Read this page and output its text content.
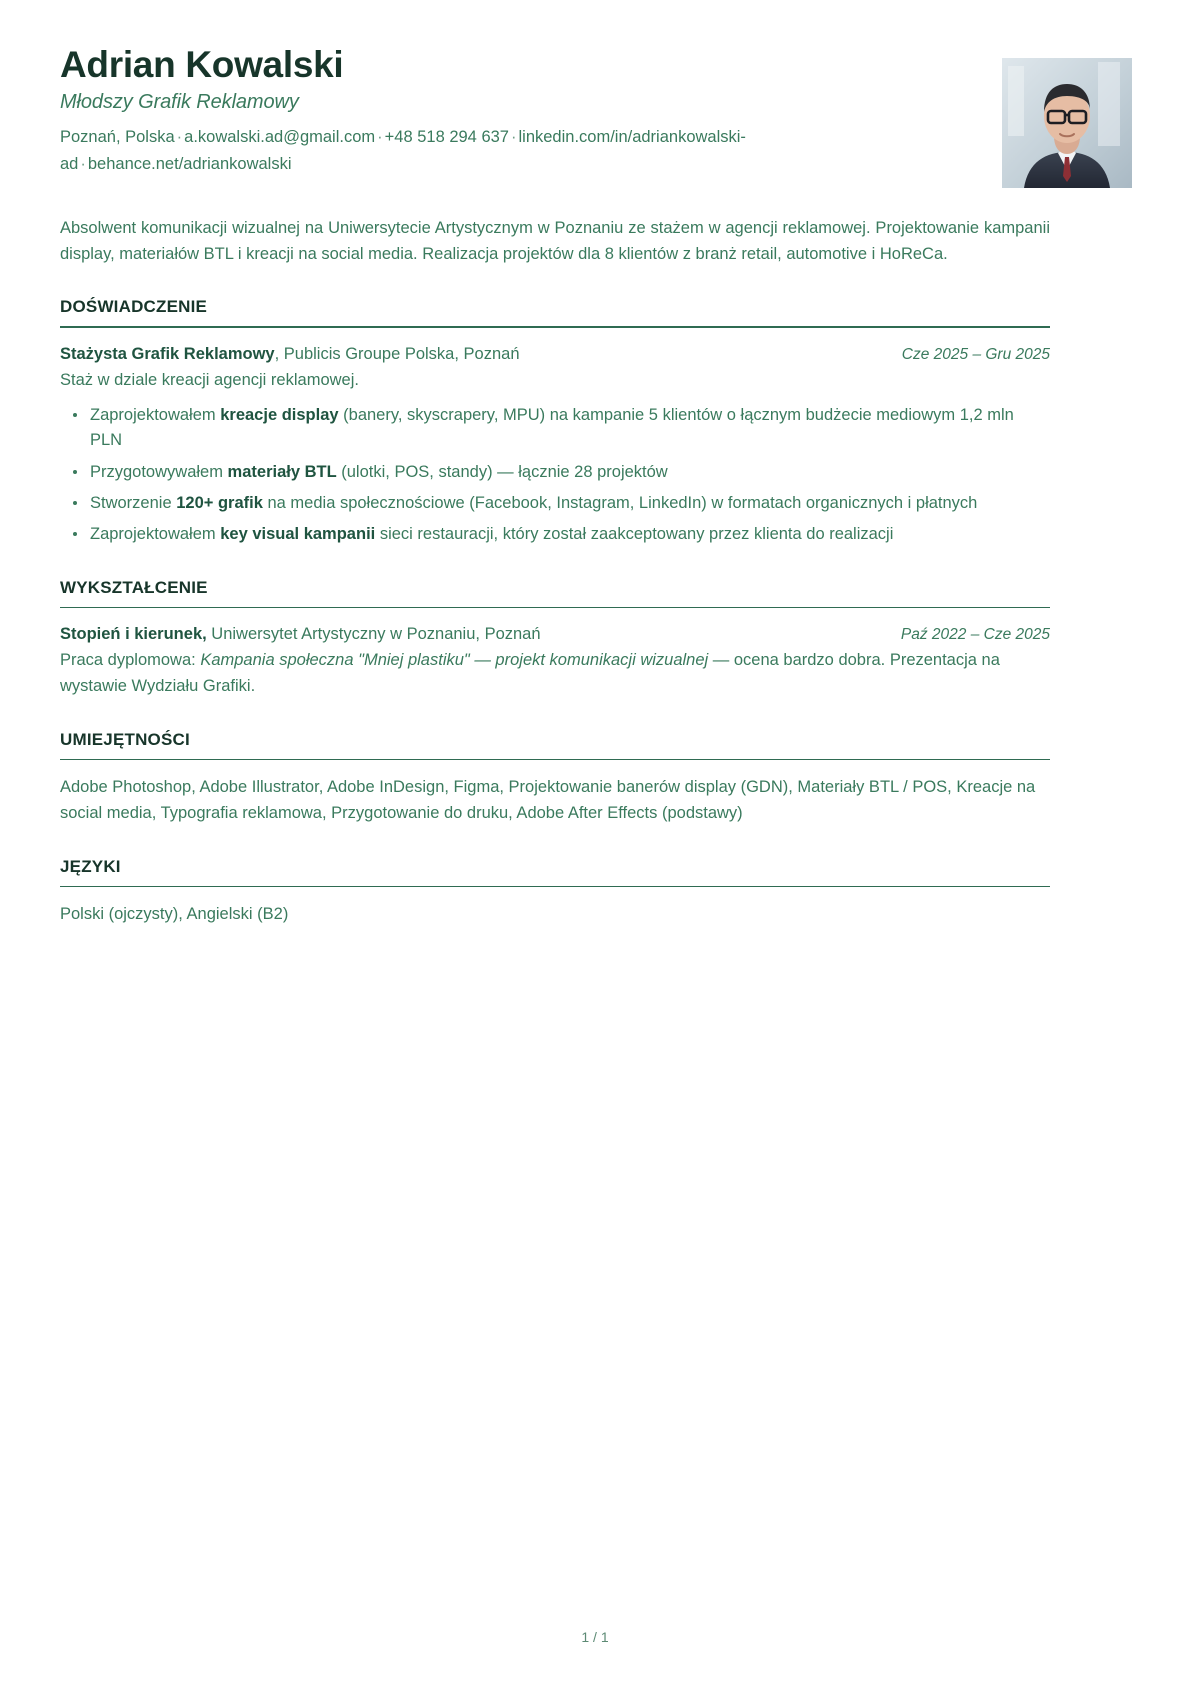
Adrian Kowalski
Młodszy Grafik Reklamowy
Poznań, Polska · a.kowalski.ad@gmail.com · +48 518 294 637 · linkedin.com/in/adriankowalski-ad · behance.net/adriankowalski

Absolwent komunikacji wizualnej na Uniwersytecie Artystycznym w Poznaniu ze stażem w agencji reklamowej. Projektowanie kampanii display, materiałów BTL i kreacji na social media. Realizacja projektów dla 8 klientów z branż retail, automotive i HoReCa.

DOŚWIADCZENIE
Stażysta Grafik Reklamowy, Publicis Groupe Polska, Poznań	Cze 2025 – Gru 2025
Staż w dziale kreacji agencji reklamowej.
Zaprojektowałem kreacje display (banery, skyscrapery, MPU) na kampanie 5 klientów o łącznym budżecie mediowym 1,2 mln PLN
Przygotowywałem materiały BTL (ulotki, POS, standy) — łącznie 28 projektów
Stworzenie 120+ grafik na media społecznościowe (Facebook, Instagram, LinkedIn) w formatach organicznych i płatnych
Zaprojektowałem key visual kampanii sieci restauracji, który został zaakceptowany przez klienta do realizacji
WYKSZTAŁCENIE
Stopień i kierunek, Uniwersytet Artystyczny w Poznaniu, Poznań	Paź 2022 – Cze 2025

Praca dyplomowa: Kampania społeczna "Mniej plastiku" — projekt komunikacji wizualnej — ocena bardzo dobra. Prezentacja na wystawie Wydziału Grafiki.

UMIEJĘTNOŚCI

Adobe Photoshop, Adobe Illustrator, Adobe InDesign, Figma, Projektowanie banerów display (GDN), Materiały BTL / POS, Kreacje na social media, Typografia reklamowa, Przygotowanie do druku, Adobe After Effects (podstawy)

JĘZYKI

Polski (ojczysty), Angielski (B2)

1 / 1
